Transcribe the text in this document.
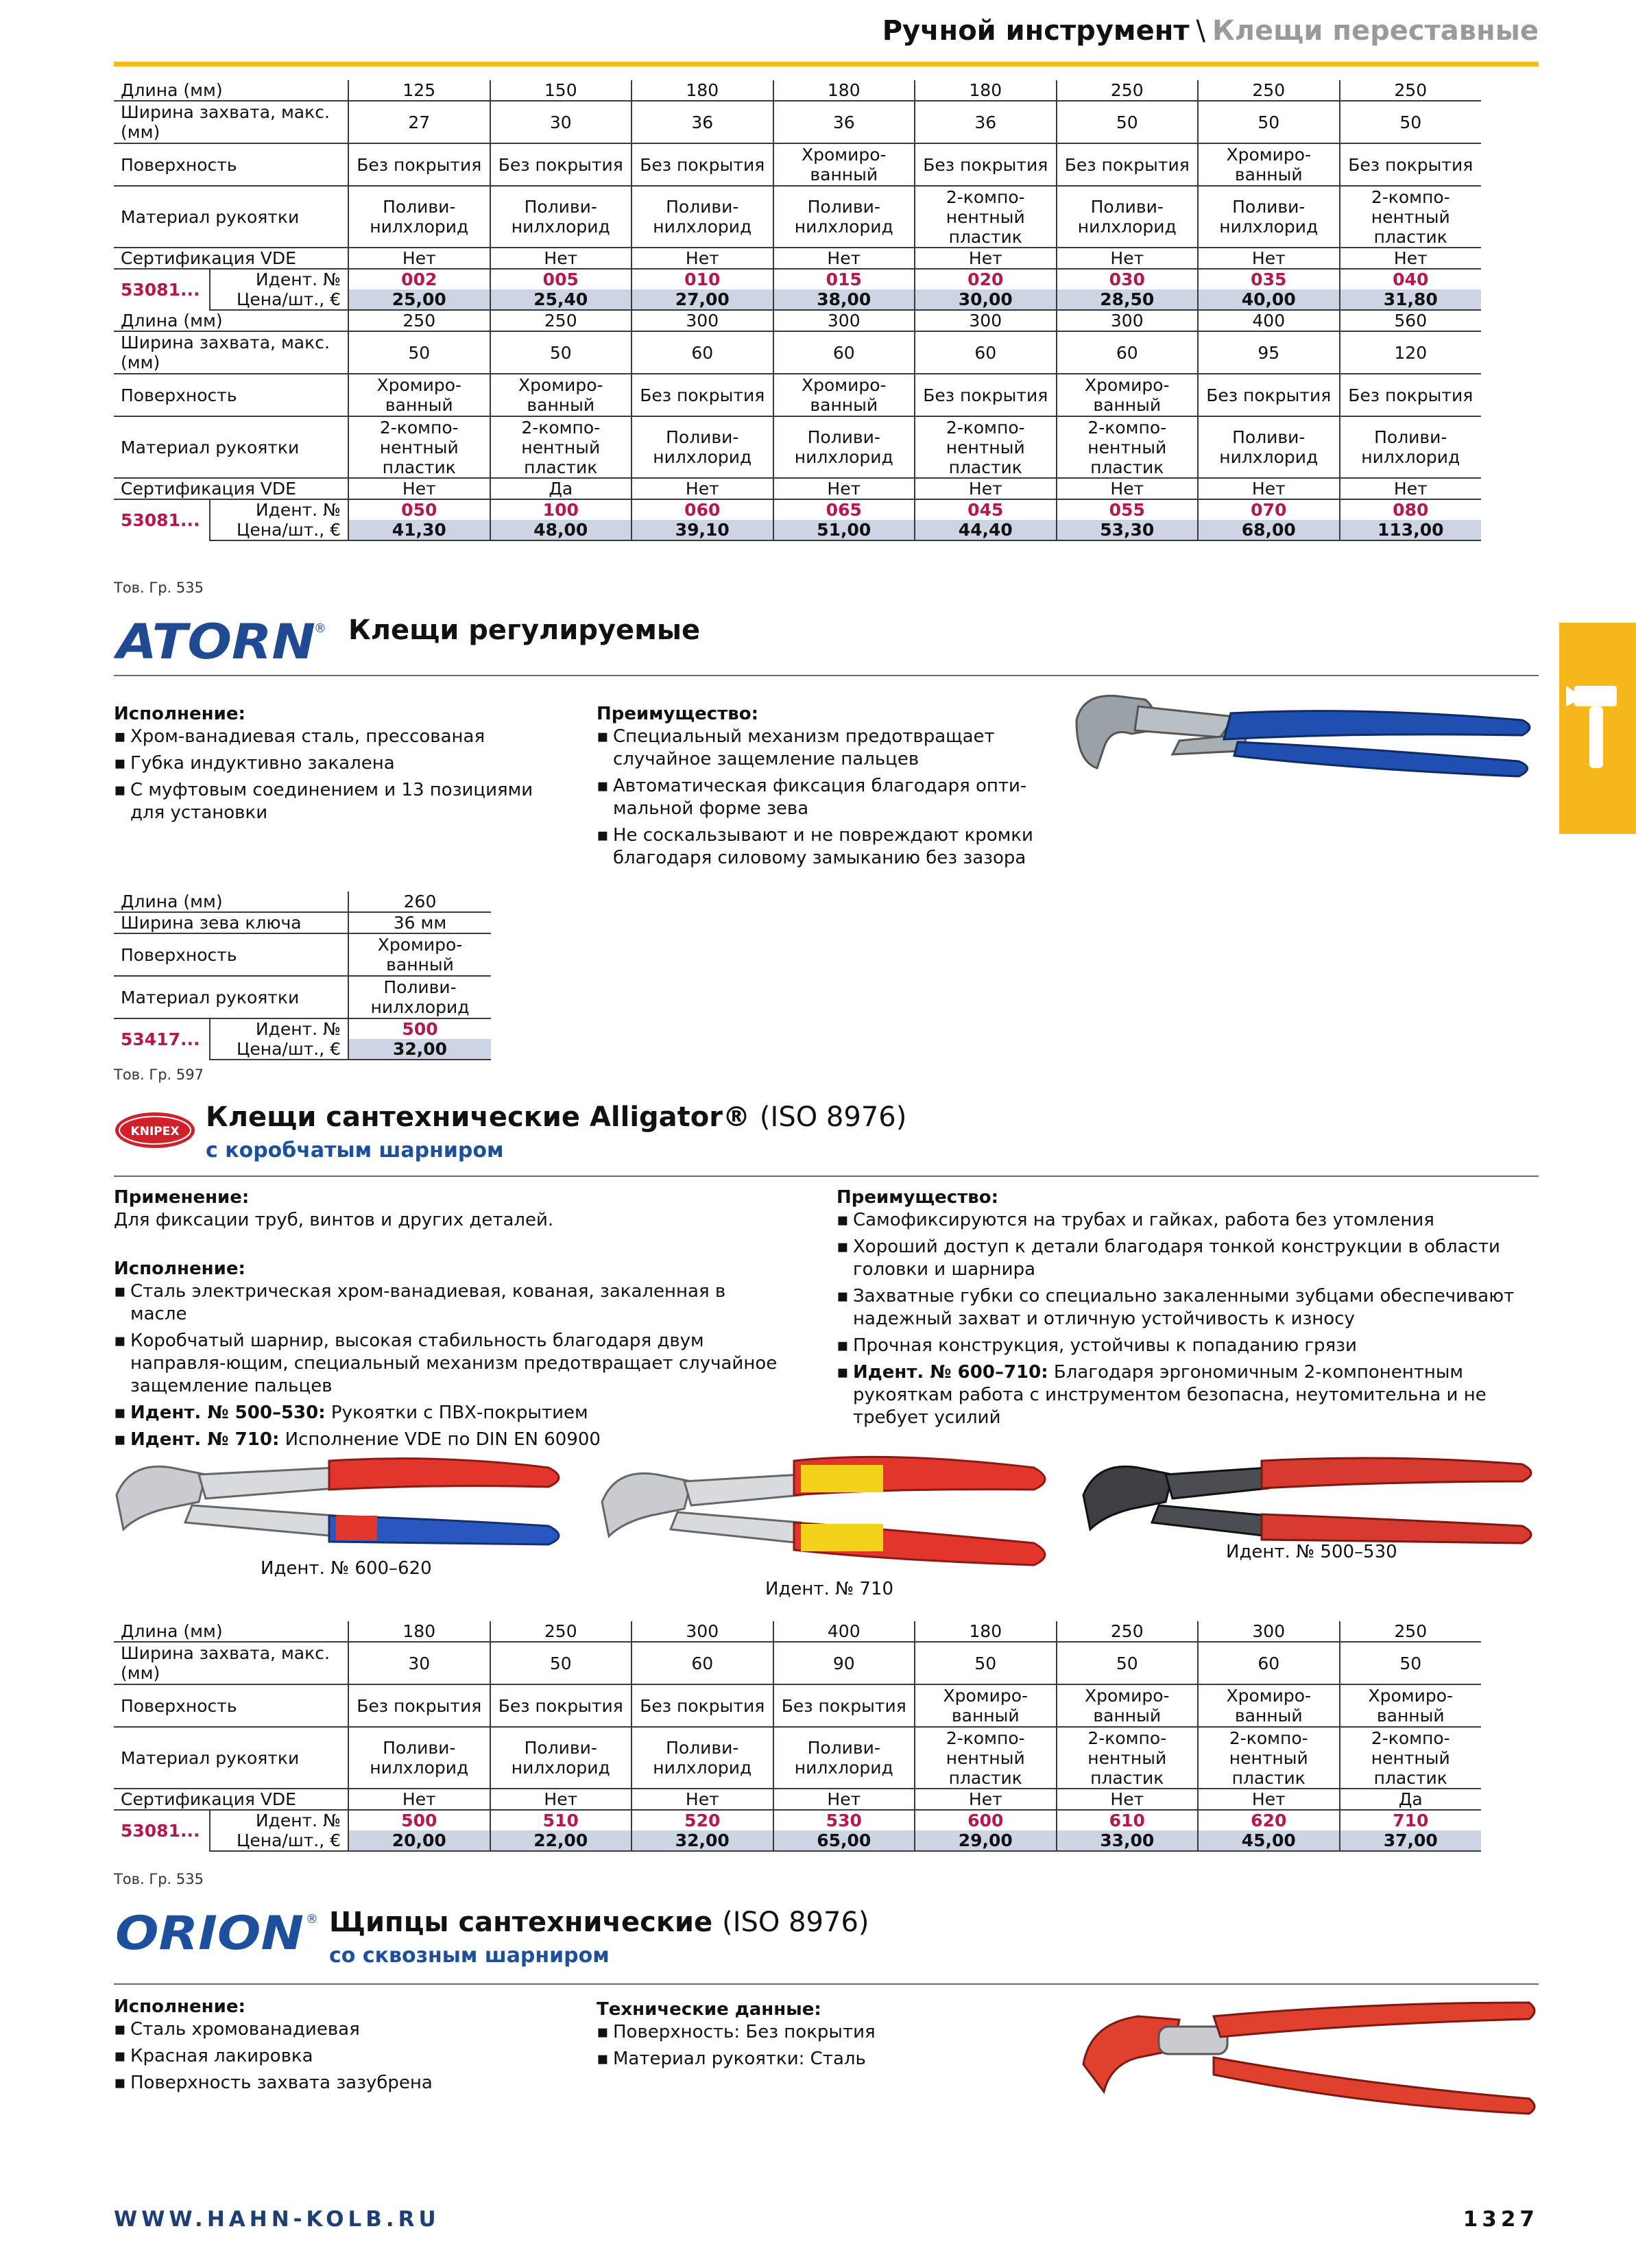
Ручной инструмент \ Клещи переставные
Длина (мм)		125	150	180	180	180	250	250	250
Ширина захвата, макс. (мм)		27	30	36	36	36	50	50	50
Поверхность		Без покрытия	Без покрытия	Без покрытия	Хромиро-ванный	Без покрытия	Без покрытия	Хромиро-ванный	Без покрытия
Материал рукоятки		Поливи-нилхлорид	Поливи-нилхлорид	Поливи-нилхлорид	Поливи-нилхлорид	2-компо-нентный пластик	Поливи-нилхлорид	Поливи-нилхлорид	2-компо-нентный пластик
Сертификация VDE		Нет	Нет	Нет	Нет	Нет	Нет	Нет	Нет
53081...	Идент. №	002	005	010	015	020	030	035	040
	Цена/шт., €	25,00	25,40	27,00	38,00	30,00	28,50	40,00	31,80
Длина (мм)		250	250	300	300	300	300	400	560
Ширина захвата, макс. (мм)		50	50	60	60	60	60	95	120
Поверхность		Хромиро-ванный	Хромиро-ванный	Без покрытия	Хромиро-ванный	Без покрытия	Хромиро-ванный	Без покрытия	Без покрытия
Материал рукоятки		2-компо-нентный пластик	2-компо-нентный пластик	Поливи-нилхлорид	Поливи-нилхлорид	2-компо-нентный пластик	2-компо-нентный пластик	Поливи-нилхлорид	Поливи-нилхлорид
Сертификация VDE		Нет	Да	Нет	Нет	Нет	Нет	Нет	Нет
53081...	Идент. №	050	100	060	065	045	055	070	080
	Цена/шт., €	41,30	48,00	39,10	51,00	44,40	53,30	68,00	113,00
Тов. Гр. 535
ATORN
® Клещи регулируемые
Исполнение:
▪ Хром-ванадиевая сталь, прессованая
▪ Губка индуктивно закалена
▪ С муфтовым соединением и 13 позициями для установки
Преимущество:
▪ Специальный механизм предотвращает случайное защемление пальцев
▪ Автоматическая фиксация благодаря опти-мальной форме зева
▪ Не соскальзывают и не повреждают кромки благодаря силовому замыканию без зазора
Длина (мм)		260
Ширина зева ключа		36 мм
Поверхность		Хромиро-ванный
Материал рукоятки		Поливи-нилхлорид
53417...	Идент. №	500
	Цена/шт., €	32,00
Тов. Гр. 597
KNIPEX Клещи сантехнические Alligator® (ISO 8976)
с коробчатым шарниром
Применение:

Для фиксации труб, винтов и других деталей.

Исполнение:
▪ Сталь электрическая хром-ванадиевая, кованая, закаленная в масле
▪ Коробчатый шарнир, высокая стабильность благодаря двум направля-ющим, специальный механизм предотвращает случайное защемление пальцев
▪ Идент. № 500–530: Рукоятки с ПВХ-покрытием
▪ Идент. № 710: Исполнение VDE по DIN EN 60900
Преимущество:
▪ Самофиксируются на трубах и гайках, работа без утомления
▪ Хороший доступ к детали благодаря тонкой конструкции в области головки и шарнира
▪ Захватные губки со специально закаленными зубцами обеспечивают надежный захват и отличную устойчивость к износу
▪ Прочная конструкция, устойчивы к попаданию грязи
▪ Идент. № 600–710: Благодаря эргономичным 2-компонентным рукояткам работа с инструментом безопасна, неутомительна и не требует усилий
Идент. № 600–620
Идент. № 710
Идент. № 500–530
Длина (мм)		180	250	300	400	180	250	300	250
Ширина захвата, макс. (мм)		30	50	60	90	50	50	60	50
Поверхность		Без покрытия	Без покрытия	Без покрытия	Без покрытия	Хромиро-ванный	Хромиро-ванный	Хромиро-ванный	Хромиро-ванный
Материал рукоятки		Поливи-нилхлорид	Поливи-нилхлорид	Поливи-нилхлорид	Поливи-нилхлорид	2-компо-нентный пластик	2-компо-нентный пластик	2-компо-нентный пластик	2-компо-нентный пластик
Сертификация VDE		Нет	Нет	Нет	Нет	Нет	Нет	Нет	Да
53081...	Идент. №	500	510	520	530	600	610	620	710
	Цена/шт., €	20,00	22,00	32,00	65,00	29,00	33,00	45,00	37,00
Тов. Гр. 535
ORION ® Щипцы сантехнические (ISO 8976)
со сквозным шарниром
Исполнение:
▪ Сталь хромованадиевая
▪ Красная лакировка
▪ Поверхность захвата зазубрена
Технические данные:
▪ Поверхность: Без покрытия
▪ Материал рукоятки: Сталь
WWW.HAHN-KOLB.RU	1327
